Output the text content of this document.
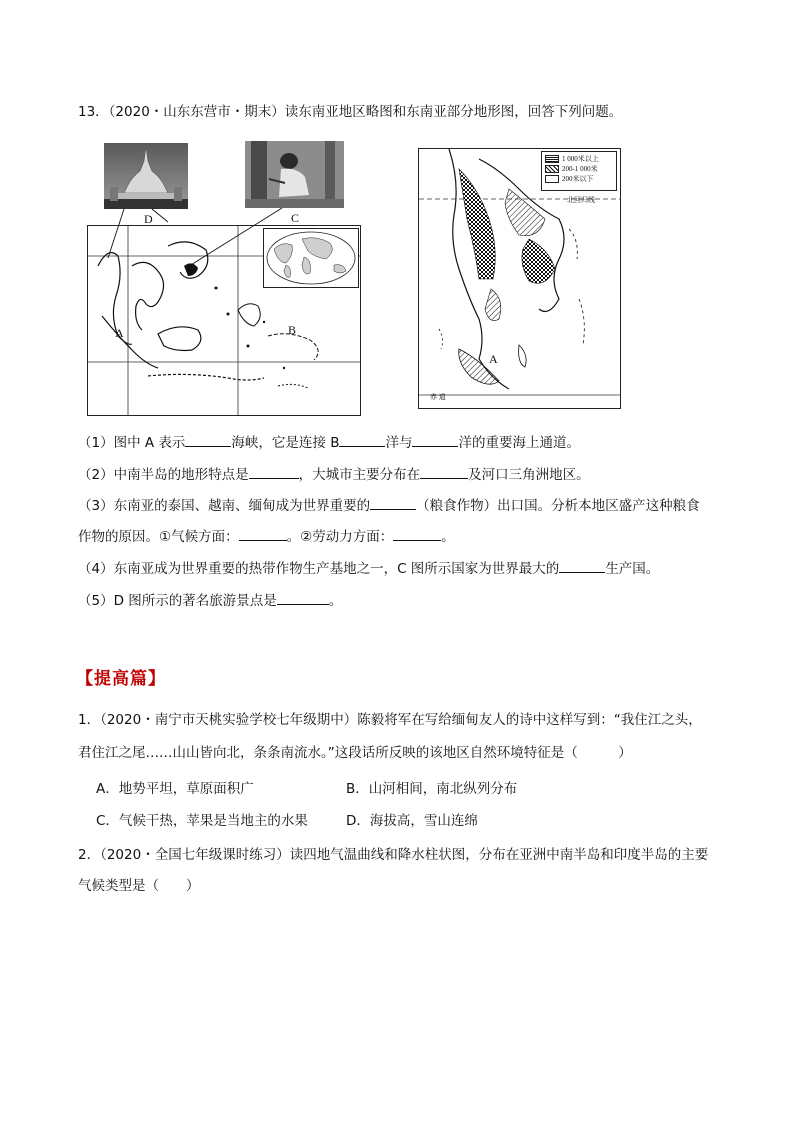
13．（2020・山东东营市・期末）读东南亚地区略图和东南亚部分地形图，回答下列问题。
D	C
A	B
1 000米以上
200-1 000米
200米以下
北回归线
赤 道
A
（1）图中 A 表示	海峡，它是连接 B	洋与	洋的重要海上通道。
（2）中南半岛的地形特点是	，大城市主要分布在	及河口三角洲地区。
（3）东南亚的泰国、越南、缅甸成为世界重要的	（粮食作物）出口国。分析本地区盛产这种粮食
作物的原因。①气候方面：	。②劳动力方面：	。
（4）东南亚成为世界重要的热带作物生产基地之一，C 图所示国家为世界最大的	生产国。
（5）D 图所示的著名旅游景点是	。
【提高篇】
1．（2020・南宁市天桃实验学校七年级期中）陈毅将军在写给缅甸友人的诗中这样写到：“我住江之头，
君住江之尾……山山皆向北，条条南流水。”这段话所反映的该地区自然环境特征是（　　　）
A．地势平坦，草原面积广	B．山河相间，南北纵列分布
C．气候干热，苹果是当地主的水果	D．海拔高，雪山连绵
2．（2020・全国七年级课时练习）读四地气温曲线和降水柱状图，分布在亚洲中南半岛和印度半岛的主要
气候类型是（　　）
